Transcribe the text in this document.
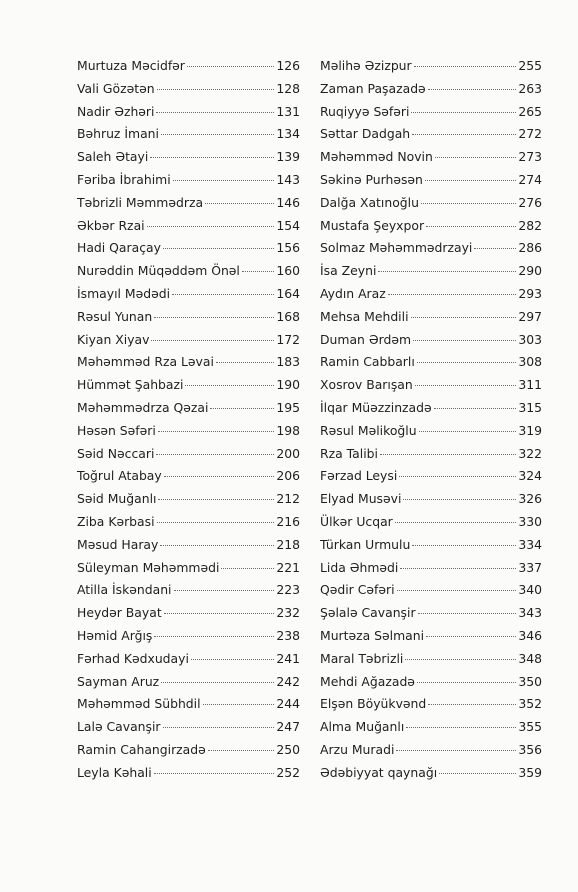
Murtuza Məcidfər	126
Vali Gözətən	128
Nadir Əzhəri	131
Bəhruz İmani	134
Saleh Ətayi	139
Fəriba İbrahimi	143
Təbrizli Məmmədrza	146
Əkbər Rzai	154
Hadi Qaraçay	156
Nurəddin Müqəddəm Önəl	160
İsmayıl Mədədi	164
Rəsul Yunan	168
Kiyan Xiyav	172
Məhəmməd Rza Ləvai	183
Hümmət Şahbazi	190
Məhəmmədrza Qəzai	195
Həsən Səfəri	198
Səid Nəccari	200
Toğrul Atabay	206
Səid Muğanlı	212
Ziba Kərbasi	216
Məsud Haray	218
Süleyman Məhəmmədi	221
Atilla İskəndani	223
Heydər Bayat	232
Həmid Arğış	238
Fərhad Kədxudayi	241
Sayman Aruz	242
Məhəmməd Sübhdil	244
Lalə Cavanşir	247
Ramin Cahangirzadə	250
Leyla Kəhali	252
Məlihə Əzizpur	255
Zaman Paşazadə	263
Ruqiyyə Səfəri	265
Səttar Dadgah	272
Məhəmməd Novin	273
Səkinə Purhəsən	274
Dalğa Xatınoğlu	276
Mustafa Şeyxpor	282
Solmaz Məhəmmədrzayi	286
İsa Zeyni	290
Aydın Araz	293
Mehsa Mehdili	297
Duman Ərdəm	303
Ramin Cabbarlı	308
Xosrov Barışan	311
İlqar Müəzzinzadə	315
Rəsul Məlikoğlu	319
Rza Talibi	322
Fərzad Leysi	324
Elyad Musəvi	326
Ülkər Ucqar	330
Türkan Urmulu	334
Lida Əhmədi	337
Qədir Cəfəri	340
Şəlalə Cavanşir	343
Murtəza Səlmani	346
Maral Təbrizli	348
Mehdi Ağazadə	350
Elşən Böyükvənd	352
Alma Muğanlı	355
Arzu Muradi	356
Ədəbiyyat qaynağı	359
